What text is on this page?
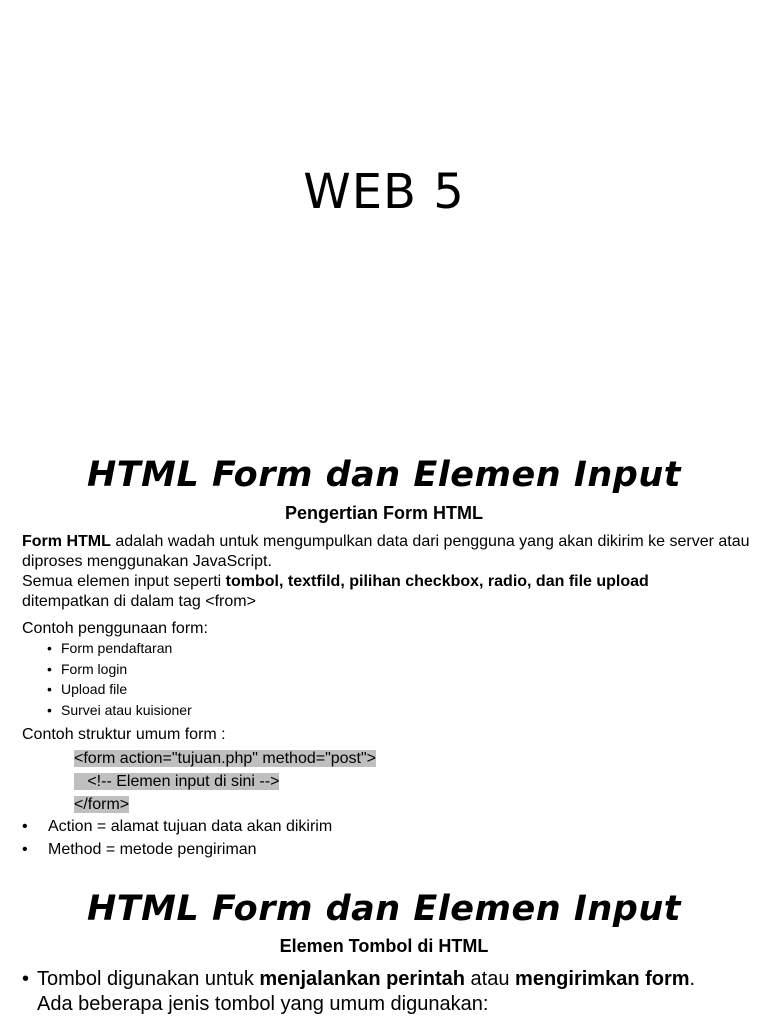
WEB 5
HTML Form dan Elemen Input
Pengertian Form HTML
Form HTML adalah wadah untuk mengumpulkan data dari pengguna yang akan dikirim ke server atau diproses menggunakan JavaScript.
Semua elemen input seperti tombol, textfild, pilihan checkbox, radio, dan file upload
ditempatkan di dalam tag <from>
Contoh penggunaan form:
• Form pendaftaran
• Form login
• Upload file
• Survei atau kuisioner
Contoh struktur umum form :
<form action="tujuan.php" method="post">
<!-- Elemen input di sini -->
</form>
• Action = alamat tujuan data akan dikirim
• Method = metode pengiriman
HTML Form dan Elemen Input
Elemen Tombol di HTML
• Tombol digunakan untuk menjalankan perintah atau mengirimkan form.
Ada beberapa jenis tombol yang umum digunakan:
